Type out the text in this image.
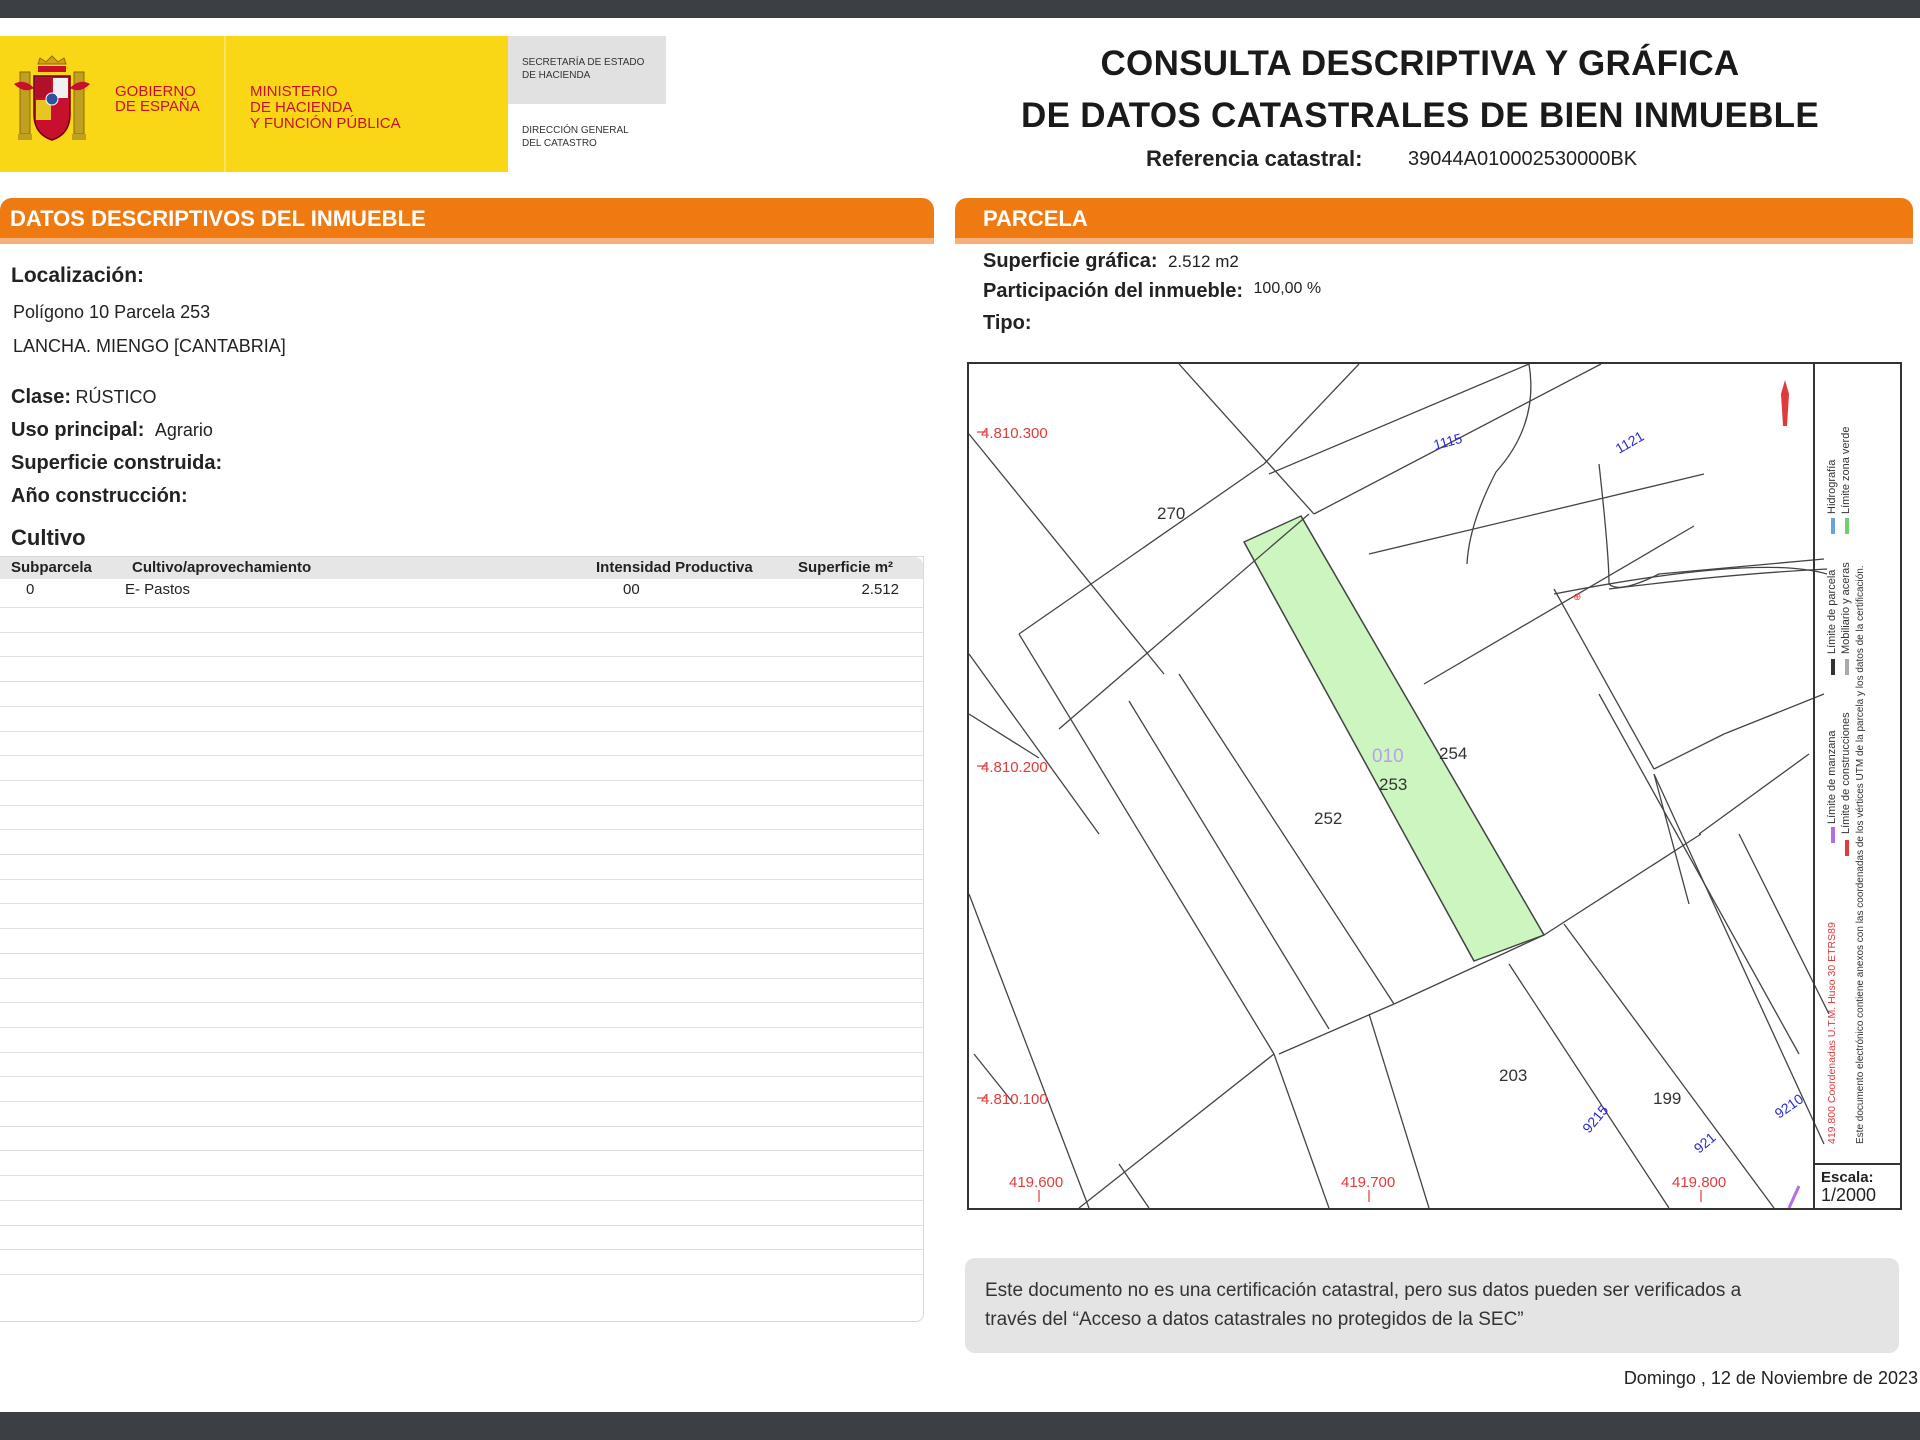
GOBIERNO
DE ESPAÑA
MINISTERIO
DE HACIENDA
Y FUNCIÓN PÚBLICA
SECRETARÍA DE ESTADO
DE HACIENDA
DIRECCIÓN GENERAL
DEL CATASTRO
CONSULTA DESCRIPTIVA Y GRÁFICA
DE DATOS CATASTRALES DE BIEN INMUEBLE
Referencia catastral: 39044A010002530000BK
DATOS DESCRIPTIVOS DEL INMUEBLE	PARCELA
Localización:
Polígono 10 Parcela 253
LANCHA. MIENGO [CANTABRIA]
Clase: RÚSTICO
Uso principal: Agrario
Superficie construida:
Año construcción:
Cultivo
Subparcela	Cultivo/aprovechamiento	Intensidad Productiva	Superficie m²
0	E- Pastos	00	2.512
Superficie gráfica: 2.512 m2
Participación del inmueble: 100,00 %
Tipo:
270
254
253
252
203
199
010
1115	1121
9215
921
9210
4.810.300
4.810.200
4.810.100
419.600	419.700	419.800
⊕
Límite de manzana Límite de construcciones
Límite de parcela Mobiliario y aceras
Hidrografía Límite zona verde
419.800 Coordenadas U.T.M. Huso 30 ETRS89 Este documento electrónico contiene anexos con las coordenadas de los vértices UTM de la parcela y los datos de la certificación.
Escala:
1/2000
Este documento no es una certificación catastral, pero sus datos pueden ser verificados a
través del “Acceso a datos catastrales no protegidos de la SEC”
Domingo , 12 de Noviembre de 2023
